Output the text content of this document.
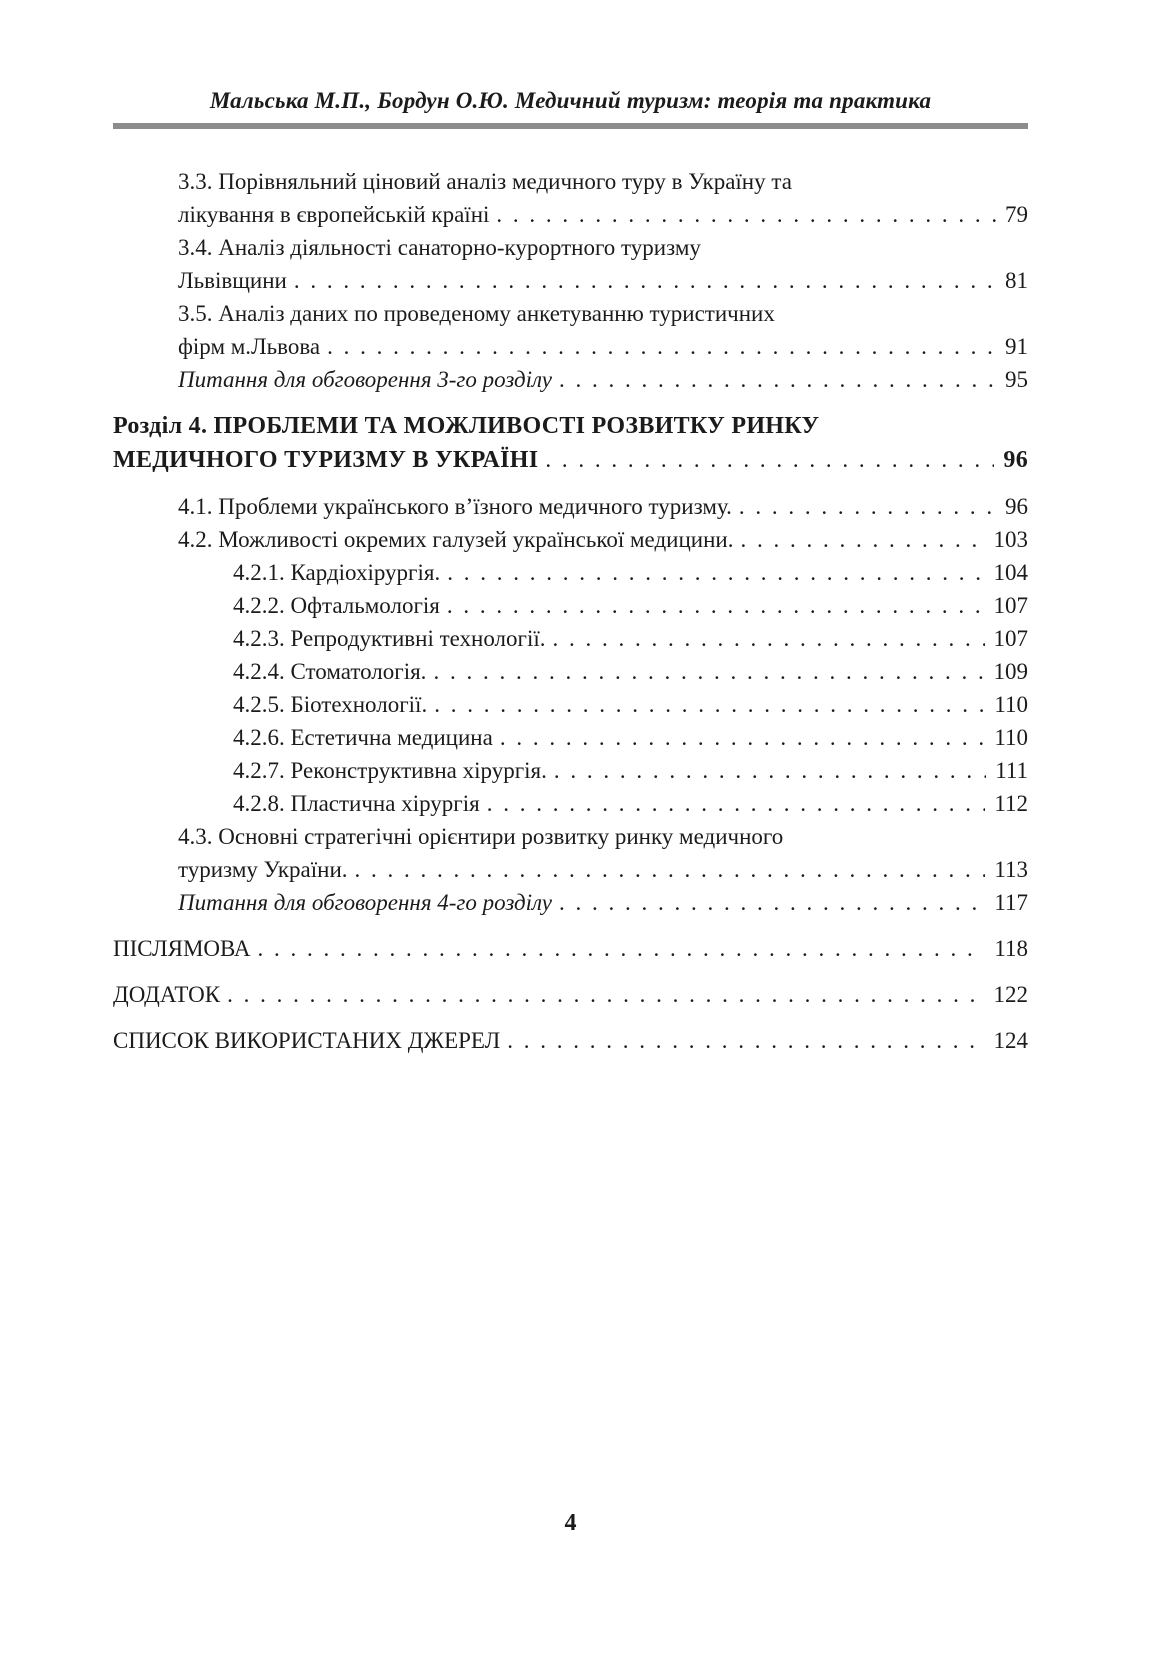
Мальська М.П., Бордун О.Ю. Медичний туризм: теорія та практика
3.3. Порівняльний ціновий аналіз медичного туру в Україну та
лікування в європейській країні . . .	79
3.4. Аналіз діяльності санаторно-курортного туризму
Львівщини . . .	81
3.5. Аналіз даних по проведеному анкетуванню туристичних
фірм м.Львова . . .	91
Питання для обговорення 3-го розділу . . .	95
Розділ 4. ПРОБЛЕМИ ТА МОЖЛИВОСТІ РОЗВИТКУ РИНКУ
МЕДИЧНОГО ТУРИЗМУ В УКРАЇНІ . . .	96
4.1. Проблеми українського в’їзного медичного туризму. . . .	96
4.2. Можливості окремих галузей української медицини. . . .	103
4.2.1. Кардіохірургія. . . .	104
4.2.2. Офтальмологія . . .	107
4.2.3. Репродуктивні технології. . . .	107
4.2.4. Стоматологія. . . .	109
4.2.5. Біотехнології. . . .	110
4.2.6. Естетична медицина . . .	110
4.2.7. Реконструктивна хірургія. . . .	111
4.2.8. Пластична хірургія . . .	112
4.3. Основні стратегічні орієнтири розвитку ринку медичного
туризму України. . . .	113
Питання для обговорення 4-го розділу . . .	117
ПІСЛЯМОВА . . .	118
ДОДАТОК . . .	122
СПИСОК ВИКОРИСТАНИХ ДЖЕРЕЛ . . .	124
4
